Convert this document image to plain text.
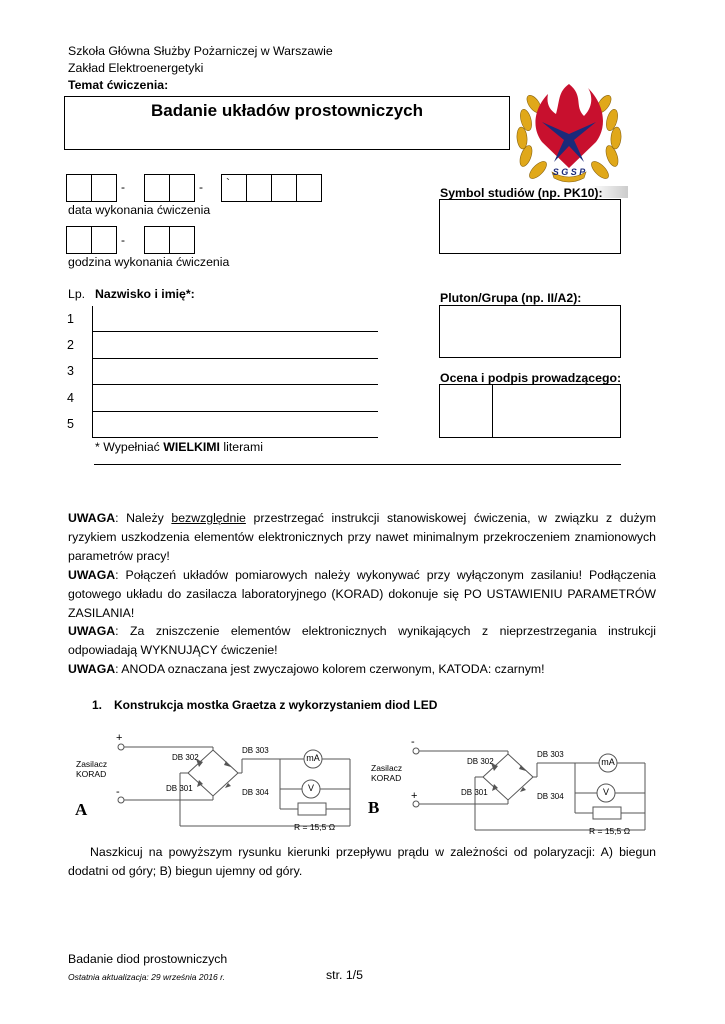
Szkoła Główna Służby Pożarniczej w Warszawie
Zakład Elektroenergetyki
Temat ćwiczenia:
Badanie układów prostowniczych
S G S P
-	- `
data wykonania ćwiczenia
-
godzina wykonania ćwiczenia
Symbol studiów (np. PK10):
Pluton/Grupa (np. II/A2):
Ocena i podpis prowadzącego:
Lp. Nazwisko i imię*:
1
2
3
4
5
* Wypełniać WIELKIMI literami
UWAGA: Należy bezwzględnie przestrzegać instrukcji stanowiskowej ćwiczenia, w związku z dużym ryzykiem uszkodzenia elementów elektronicznych przy nawet minimalnym przekroczeniem znamionowych parametrów pracy!
UWAGA: Połączeń układów pomiarowych należy wykonywać przy wyłączonym zasilaniu! Podłączenia gotowego układu do zasilacza laboratoryjnego (KORAD) dokonuje się PO USTAWIENIU PARAMETRÓW ZASILANIA!
UWAGA: Za zniszczenie elementów elektronicznych wynikających z nieprzestrzegania instrukcji odpowiadają WYKNUJĄCY ćwiczenie!
UWAGA: ANODA oznaczana jest zwyczajowo kolorem czerwonym, KATODA: czarnym!
1. Konstrukcja mostka Graetza z wykorzystaniem diod LED
+
-
Zasilacz
KORAD
DB 302
DB 303
DB 301	DB 304
mA
V
R = 15,5 Ω
A
-
+
Zasilacz
KORAD
DB 302
DB 303
DB 301	DB 304
mA
V
R = 15,5 Ω
B
Naszkicuj na powyższym rysunku kierunki przepływu prądu w zależności od polaryzacji: A) biegun dodatni od góry; B) biegun ujemny od góry.
Badanie diod prostowniczych
Ostatnia aktualizacja: 29 września 2016 r.	str. 1/5
